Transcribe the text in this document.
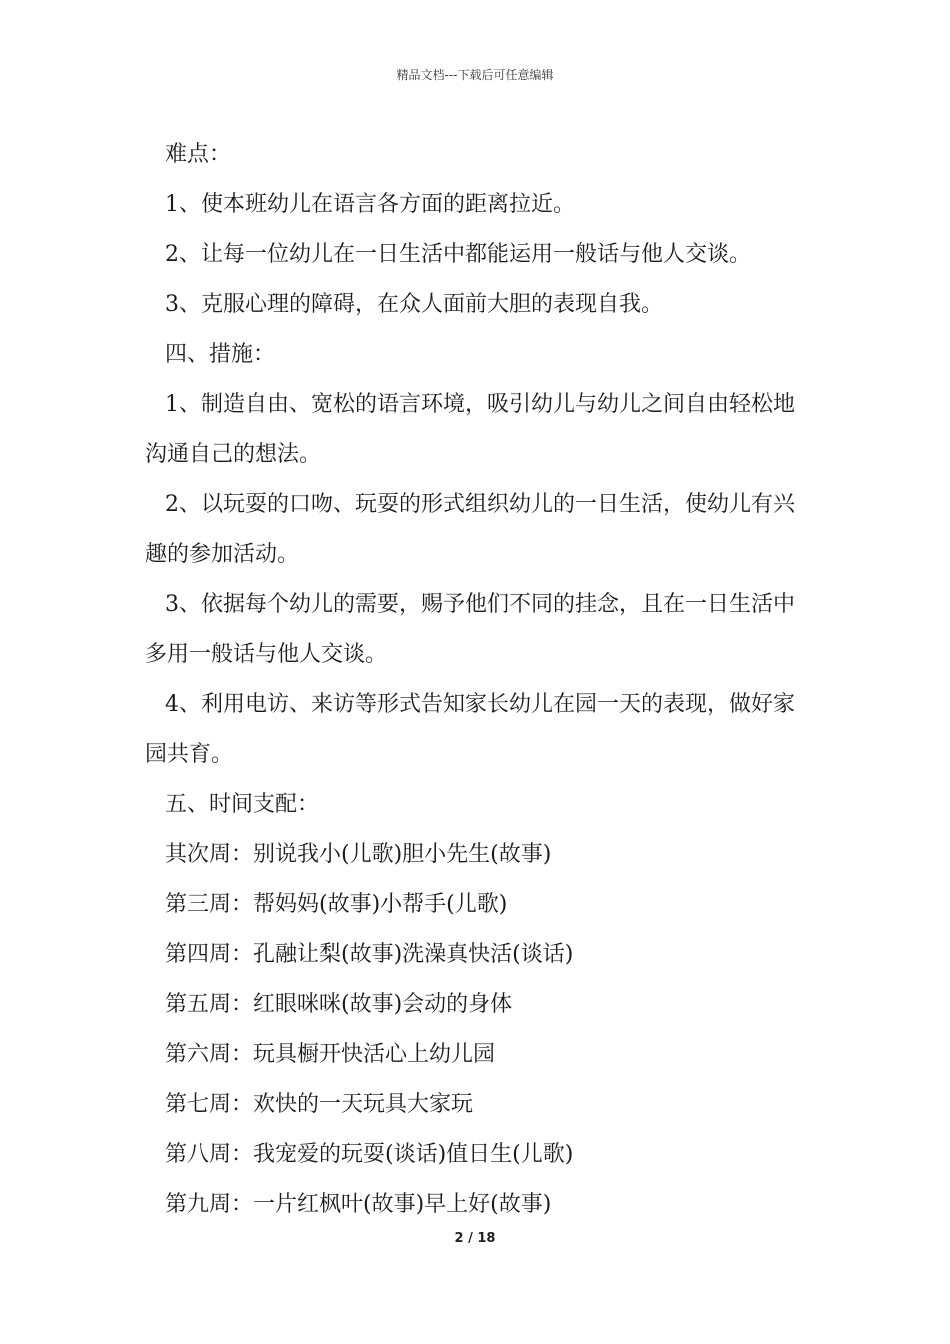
精品文档---下载后可任意编辑
难点：
1、使本班幼儿在语言各方面的距离拉近。
2、让每一位幼儿在一日生活中都能运用一般话与他人交谈。
3、克服心理的障碍，在众人面前大胆的表现自我。
四、措施：
1、制造自由、宽松的语言环境，吸引幼儿与幼儿之间自由轻松地
沟通自己的想法。
2、以玩耍的口吻、玩耍的形式组织幼儿的一日生活，使幼儿有兴
趣的参加活动。
3、依据每个幼儿的需要，赐予他们不同的挂念，且在一日生活中
多用一般话与他人交谈。
4、利用电访、来访等形式告知家长幼儿在园一天的表现，做好家
园共育。
五、时间支配：
其次周：别说我小(儿歌)胆小先生(故事)
第三周：帮妈妈(故事)小帮手(儿歌)
第四周：孔融让梨(故事)洗澡真快活(谈话)
第五周：红眼咪咪(故事)会动的身体
第六周：玩具橱开快活心上幼儿园
第七周：欢快的一天玩具大家玩
第八周：我宠爱的玩耍(谈话)值日生(儿歌)
第九周：一片红枫叶(故事)早上好(故事)
2 / 18
